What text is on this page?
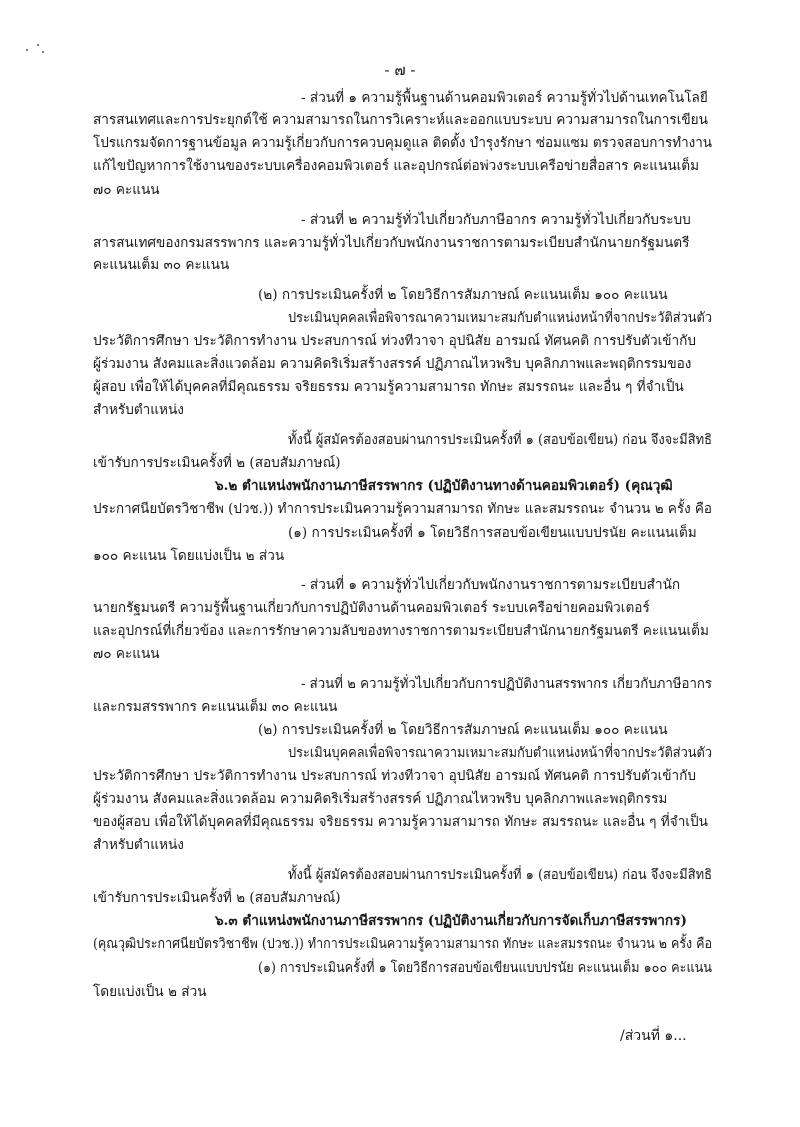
- ๗ -
- ส่วนที่ ๑ ความรู้พื้นฐานด้านคอมพิวเตอร์ ความรู้ทั่วไปด้านเทคโนโลยี
สารสนเทศและการประยุกต์ใช้ ความสามารถในการวิเคราะห์และออกแบบระบบ ความสามารถในการเขียน
โปรแกรมจัดการฐานข้อมูล ความรู้เกี่ยวกับการควบคุมดูแล ติดตั้ง บำรุงรักษา ซ่อมแซม ตรวจสอบการทำงาน
แก้ไขปัญหาการใช้งานของระบบเครื่องคอมพิวเตอร์ และอุปกรณ์ต่อพ่วงระบบเครือข่ายสื่อสาร คะแนนเต็ม
๗๐ คะแนน
- ส่วนที่ ๒ ความรู้ทั่วไปเกี่ยวกับภาษีอากร ความรู้ทั่วไปเกี่ยวกับระบบ
สารสนเทศของกรมสรรพากร และความรู้ทั่วไปเกี่ยวกับพนักงานราชการตามระเบียบสำนักนายกรัฐมนตรี
คะแนนเต็ม ๓๐ คะแนน
(๒) การประเมินครั้งที่ ๒ โดยวิธีการสัมภาษณ์ คะแนนเต็ม ๑๐๐ คะแนน
ประเมินบุคคลเพื่อพิจารณาความเหมาะสมกับตำแหน่งหน้าที่จากประวัติส่วนตัว
ประวัติการศึกษา ประวัติการทำงาน ประสบการณ์ ท่วงทีวาจา อุปนิสัย อารมณ์ ทัศนคติ การปรับตัวเข้ากับ
ผู้ร่วมงาน สังคมและสิ่งแวดล้อม ความคิดริเริ่มสร้างสรรค์ ปฏิภาณไหวพริบ บุคลิกภาพและพฤติกรรมของ
ผู้สอบ เพื่อให้ได้บุคคลที่มีคุณธรรม จริยธรรม ความรู้ความสามารถ ทักษะ สมรรถนะ และอื่น ๆ ที่จำเป็น
สำหรับตำแหน่ง
ทั้งนี้ ผู้สมัครต้องสอบผ่านการประเมินครั้งที่ ๑ (สอบข้อเขียน) ก่อน จึงจะมีสิทธิ
เข้ารับการประเมินครั้งที่ ๒ (สอบสัมภาษณ์)
๖.๒ ตำแหน่งพนักงานภาษีสรรพากร (ปฏิบัติงานทางด้านคอมพิวเตอร์) (คุณวุฒิ
ประกาศนียบัตรวิชาชีพ (ปวช.)) ทำการประเมินความรู้ความสามารถ ทักษะ และสมรรถนะ จำนวน ๒ ครั้ง คือ
(๑) การประเมินครั้งที่ ๑ โดยวิธีการสอบข้อเขียนแบบปรนัย คะแนนเต็ม
๑๐๐ คะแนน โดยแบ่งเป็น ๒ ส่วน
- ส่วนที่ ๑ ความรู้ทั่วไปเกี่ยวกับพนักงานราชการตามระเบียบสำนัก
นายกรัฐมนตรี ความรู้พื้นฐานเกี่ยวกับการปฏิบัติงานด้านคอมพิวเตอร์ ระบบเครือข่ายคอมพิวเตอร์
และอุปกรณ์ที่เกี่ยวข้อง และการรักษาความลับของทางราชการตามระเบียบสำนักนายกรัฐมนตรี คะแนนเต็ม
๗๐ คะแนน
- ส่วนที่ ๒ ความรู้ทั่วไปเกี่ยวกับการปฏิบัติงานสรรพากร เกี่ยวกับภาษีอากร
และกรมสรรพากร คะแนนเต็ม ๓๐ คะแนน
(๒) การประเมินครั้งที่ ๒ โดยวิธีการสัมภาษณ์ คะแนนเต็ม ๑๐๐ คะแนน
ประเมินบุคคลเพื่อพิจารณาความเหมาะสมกับตำแหน่งหน้าที่จากประวัติส่วนตัว
ประวัติการศึกษา ประวัติการทำงาน ประสบการณ์ ท่วงทีวาจา อุปนิสัย อารมณ์ ทัศนคติ การปรับตัวเข้ากับ
ผู้ร่วมงาน สังคมและสิ่งแวดล้อม ความคิดริเริ่มสร้างสรรค์ ปฏิภาณไหวพริบ บุคลิกภาพและพฤติกรรม
ของผู้สอบ เพื่อให้ได้บุคคลที่มีคุณธรรม จริยธรรม ความรู้ความสามารถ ทักษะ สมรรถนะ และอื่น ๆ ที่จำเป็น
สำหรับตำแหน่ง
ทั้งนี้ ผู้สมัครต้องสอบผ่านการประเมินครั้งที่ ๑ (สอบข้อเขียน) ก่อน จึงจะมีสิทธิ
เข้ารับการประเมินครั้งที่ ๒ (สอบสัมภาษณ์)
๖.๓ ตำแหน่งพนักงานภาษีสรรพากร (ปฏิบัติงานเกี่ยวกับการจัดเก็บภาษีสรรพากร)
(คุณวุฒิประกาศนียบัตรวิชาชีพ (ปวช.)) ทำการประเมินความรู้ความสามารถ ทักษะ และสมรรถนะ จำนวน ๒ ครั้ง คือ
(๑) การประเมินครั้งที่ ๑ โดยวิธีการสอบข้อเขียนแบบปรนัย คะแนนเต็ม ๑๐๐ คะแนน
โดยแบ่งเป็น ๒ ส่วน
/ส่วนที่ ๑...
